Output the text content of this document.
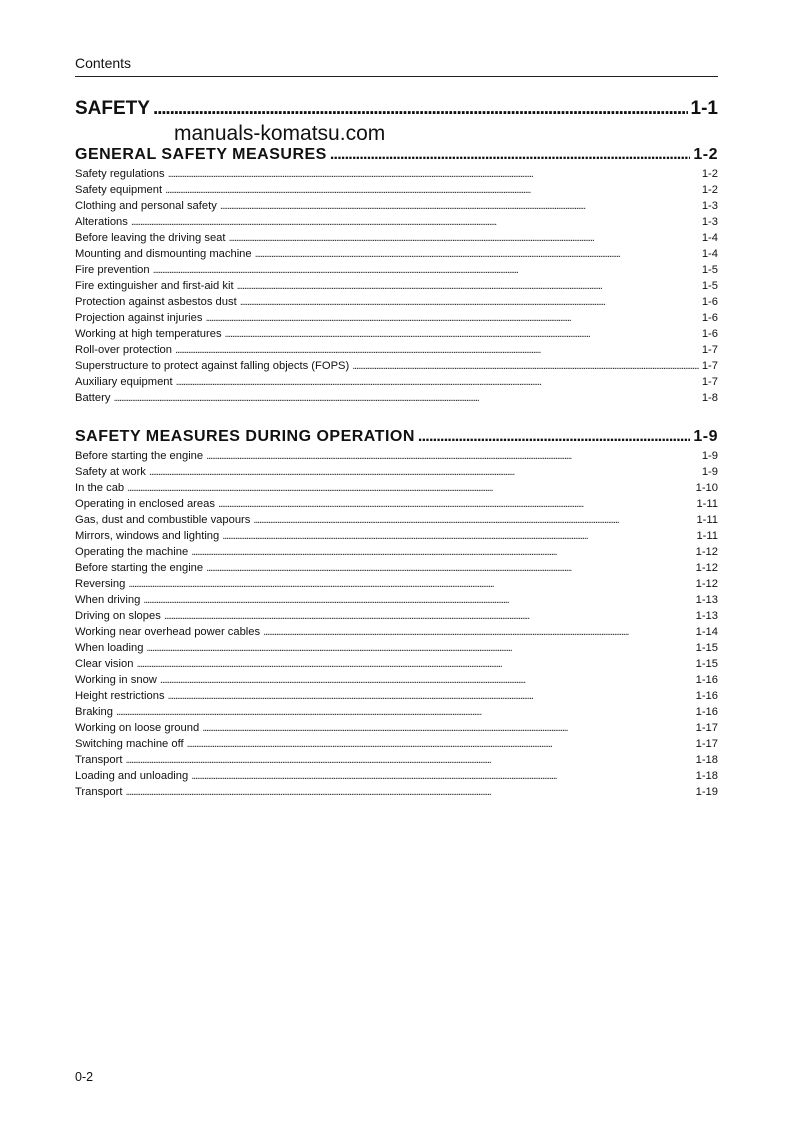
Contents
SAFETY . . .	1-1
manuals-komatsu.com
GENERAL SAFETY MEASURES . . .	1-2
Safety regulations . . .	1-2
Safety equipment . . .	1-2
Clothing and personal safety . . .	1-3
Alterations . . .	1-3
Before leaving the driving seat . . .	1-4
Mounting and dismounting machine . . .	1-4
Fire prevention . . .	1-5
Fire extinguisher and first-aid kit . . .	1-5
Protection against asbestos dust . . .	1-6
Projection against injuries . . .	1-6
Working at high temperatures . . .	1-6
Roll-over protection . . .	1-7
Superstructure to protect against falling objects (FOPS) . . .	1-7
Auxiliary equipment . . .	1-7
Battery . . .	1-8
SAFETY MEASURES DURING OPERATION . . .	1-9
Before starting the engine . . .	1-9
Safety at work . . .	1-9
In the cab . . .	1-10
Operating in enclosed areas . . .	1-11
Gas, dust and combustible vapours . . .	1-11
Mirrors, windows and lighting . . .	1-11
Operating the machine . . .	1-12
Before starting the engine . . .	1-12
Reversing . . .	1-12
When driving . . .	1-13
Driving on slopes . . .	1-13
Working near overhead power cables . . .	1-14
When loading . . .	1-15
Clear vision . . .	1-15
Working in snow . . .	1-16
Height restrictions . . .	1-16
Braking . . .	1-16
Working on loose ground . . .	1-17
Switching machine off . . .	1-17
Transport . . .	1-18
Loading and unloading . . .	1-18
Transport . . .	1-19
0-2
